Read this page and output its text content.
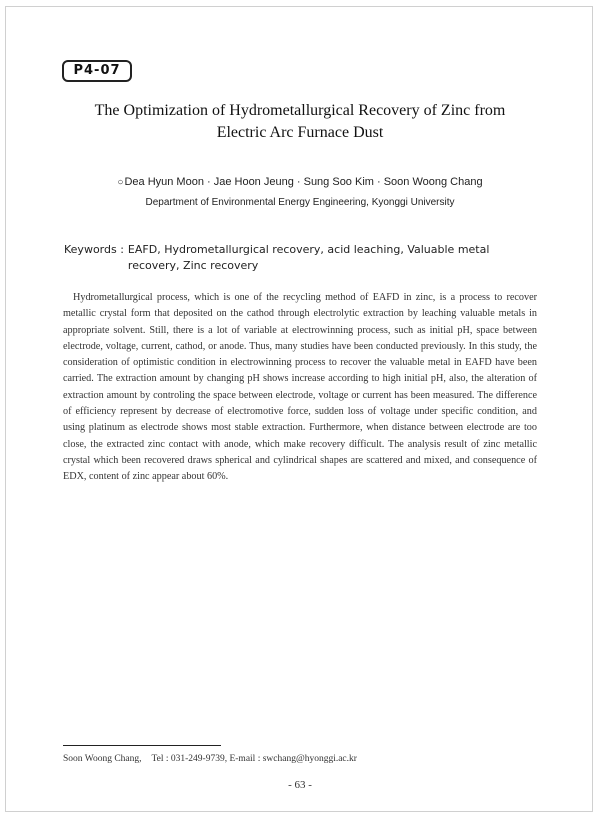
P4-07
The Optimization of Hydrometallurgical Recovery of Zinc from
Electric Arc Furnace Dust
○Dea Hyun Moon · Jae Hoon Jeung · Sung Soo Kim · Soon Woong Chang
Department of Environmental Energy Engineering, Kyonggi University
Keywords : EAFD, Hydrometallurgical recovery, acid leaching, Valuable metal recovery, Zinc recovery

Hydrometallurgical process, which is one of the recycling method of EAFD in zinc, is a process to recover metallic crystal form that deposited on the cathod through electrolytic extraction by leaching valuable metals in appropriate solvent. Still, there is a lot of variable at electrowinning process, such as initial pH, space between electrode, voltage, current, cathod, or anode. Thus, many studies have been conducted previously. In this study, the consideration of optimistic condition in electrowinning process to recover the valuable metal in EAFD have been carried. The extraction amount by changing pH shows increase according to high initial pH, also, the alteration of extraction amount by controling the space between electrode, voltage or current has been measured. The difference of efficiency represent by decrease of electromotive force, sudden loss of voltage under specific condition, and using platinum as electrode shows most stable extraction. Furthermore, when distance between electrode are too close, the extracted zinc contact with anode, which make recovery difficult. The analysis result of zinc metallic crystal which been recovered draws spherical and cylindrical shapes are scattered and mixed, and consequence of EDX, content of zinc appear about 60%.

Soon Woong Chang, Tel : 031-249-9739, E-mail : swchang@hyonggi.ac.kr
- 63 -
